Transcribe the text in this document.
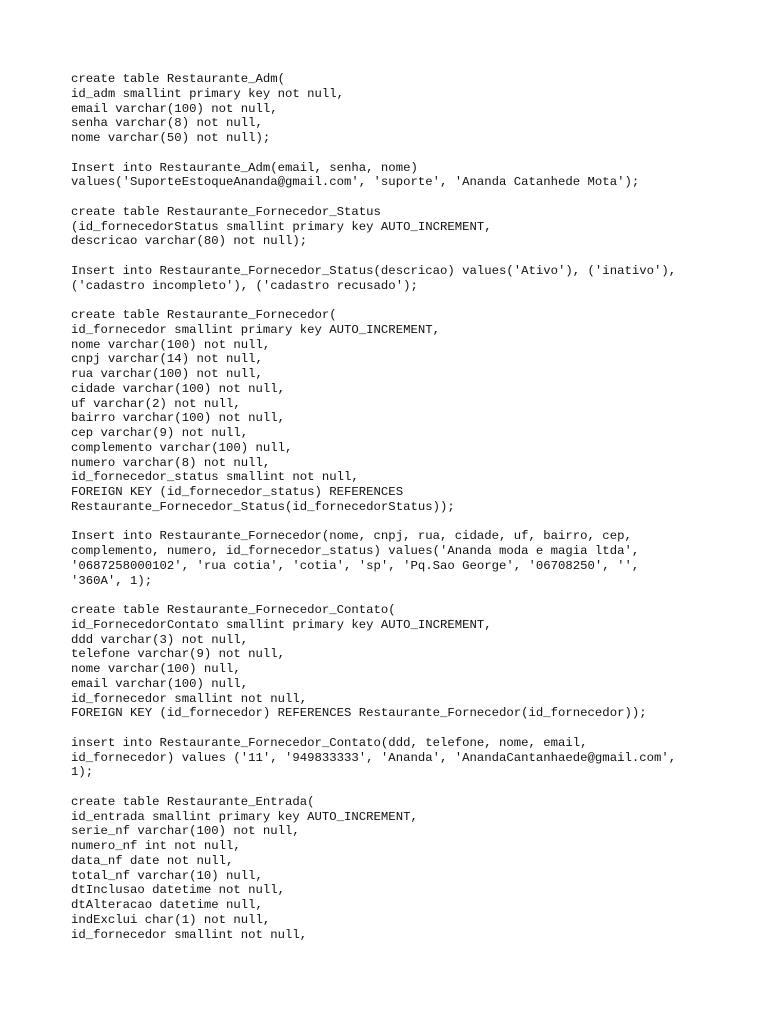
create table Restaurante_Adm(
id_adm smallint primary key not null,
email varchar(100) not null,
senha varchar(8) not null,
nome varchar(50) not null);
Insert into Restaurante_Adm(email, senha, nome)
values('SuporteEstoqueAnanda@gmail.com', 'suporte', 'Ananda Catanhede Mota');
create table Restaurante_Fornecedor_Status
(id_fornecedorStatus smallint primary key AUTO_INCREMENT,
descricao varchar(80) not null);
Insert into Restaurante_Fornecedor_Status(descricao) values('Ativo'), ('inativo'),
('cadastro incompleto'), ('cadastro recusado');
create table Restaurante_Fornecedor(
id_fornecedor smallint primary key AUTO_INCREMENT,
nome varchar(100) not null,
cnpj varchar(14) not null,
rua varchar(100) not null,
cidade varchar(100) not null,
uf varchar(2) not null,
bairro varchar(100) not null,
cep varchar(9) not null,
complemento varchar(100) null,
numero varchar(8) not null,
id_fornecedor_status smallint not null,
FOREIGN KEY (id_fornecedor_status) REFERENCES
Restaurante_Fornecedor_Status(id_fornecedorStatus));
Insert into Restaurante_Fornecedor(nome, cnpj, rua, cidade, uf, bairro, cep,
complemento, numero, id_fornecedor_status) values('Ananda moda e magia ltda',
'0687258000102', 'rua cotia', 'cotia', 'sp', 'Pq.Sao George', '06708250', '',
'360A', 1);
create table Restaurante_Fornecedor_Contato(
id_FornecedorContato smallint primary key AUTO_INCREMENT,
ddd varchar(3) not null,
telefone varchar(9) not null,
nome varchar(100) null,
email varchar(100) null,
id_fornecedor smallint not null,
FOREIGN KEY (id_fornecedor) REFERENCES Restaurante_Fornecedor(id_fornecedor));
insert into Restaurante_Fornecedor_Contato(ddd, telefone, nome, email,
id_fornecedor) values ('11', '949833333', 'Ananda', 'AnandaCantanhaede@gmail.com',
1);
create table Restaurante_Entrada(
id_entrada smallint primary key AUTO_INCREMENT,
serie_nf varchar(100) not null,
numero_nf int not null,
data_nf date not null,
total_nf varchar(10) null,
dtInclusao datetime not null,
dtAlteracao datetime null,
indExclui char(1) not null,
id_fornecedor smallint not null,
